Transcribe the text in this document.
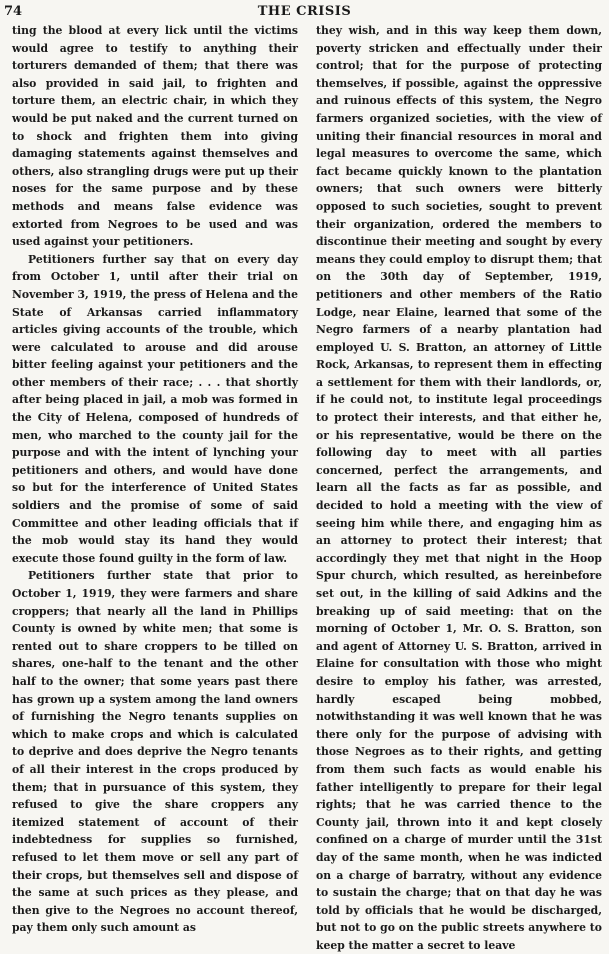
74	THE CRISIS

ting the blood at every lick until the victims would agree to testify to anything their torturers demanded of them; that there was also provided in said jail, to frighten and torture them, an electric chair, in which they would be put naked and the current turned on to shock and frighten them into giving damaging statements against themselves and others, also strangling drugs were put up their noses for the same purpose and by these methods and means false evidence was extorted from Negroes to be used and was used against your petitioners.

Petitioners further say that on every day from October 1, until after their trial on November 3, 1919, the press of Helena and the State of Arkansas carried inflammatory articles giving accounts of the trouble, which were calculated to arouse and did arouse bitter feeling against your petitioners and the other members of their race; . . . that shortly after being placed in jail, a mob was formed in the City of Helena, composed of hundreds of men, who marched to the county jail for the purpose and with the intent of lynching your petitioners and others, and would have done so but for the interference of United States soldiers and the promise of some of said Committee and other leading officials that if the mob would stay its hand they would execute those found guilty in the form of law.

Petitioners further state that prior to October 1, 1919, they were farmers and share croppers; that nearly all the land in Phillips County is owned by white men; that some is rented out to share croppers to be tilled on shares, one-half to the tenant and the other half to the owner; that some years past there has grown up a system among the land owners of furnishing the Negro tenants supplies on which to make crops and which is calculated to deprive and does deprive the Negro tenants of all their interest in the crops produced by them; that in pursuance of this system, they refused to give the share croppers any itemized statement of account of their indebtedness for supplies so furnished, refused to let them move or sell any part of their crops, but themselves sell and dispose of the same at such prices as they please, and then give to the Negroes no account thereof, pay them only such amount as

they wish, and in this way keep them down, poverty stricken and effectually under their control; that for the purpose of protecting themselves, if possible, against the oppressive and ruinous effects of this system, the Negro farmers organized societies, with the view of uniting their financial resources in moral and legal measures to overcome the same, which fact became quickly known to the plantation owners; that such owners were bitterly opposed to such societies, sought to prevent their organization, ordered the members to discontinue their meeting and sought by every means they could employ to disrupt them; that on the 30th day of September, 1919, petitioners and other members of the Ratio Lodge, near Elaine, learned that some of the Negro farmers of a nearby plantation had employed U. S. Bratton, an attorney of Little Rock, Arkansas, to represent them in effecting a settlement for them with their landlords, or, if he could not, to institute legal proceedings to protect their interests, and that either he, or his representative, would be there on the following day to meet with all parties concerned, perfect the arrangements, and learn all the facts as far as possible, and decided to hold a meeting with the view of seeing him while there, and engaging him as an attorney to protect their interest; that accordingly they met that night in the Hoop Spur church, which resulted, as hereinbefore set out, in the killing of said Adkins and the breaking up of said meeting: that on the morning of October 1, Mr. O. S. Bratton, son and agent of Attorney U. S. Bratton, arrived in Elaine for consultation with those who might desire to employ his father, was arrested, hardly escaped being mobbed, notwithstanding it was well known that he was there only for the purpose of advising with those Negroes as to their rights, and getting from them such facts as would enable his father intelligently to prepare for their legal rights; that he was carried thence to the County jail, thrown into it and kept closely confined on a charge of murder until the 31st day of the same month, when he was indicted on a charge of barratry, without any evidence to sustain the charge; that on that day he was told by officials that he would be discharged, but not to go on the public streets anywhere to keep the matter a secret to leave
